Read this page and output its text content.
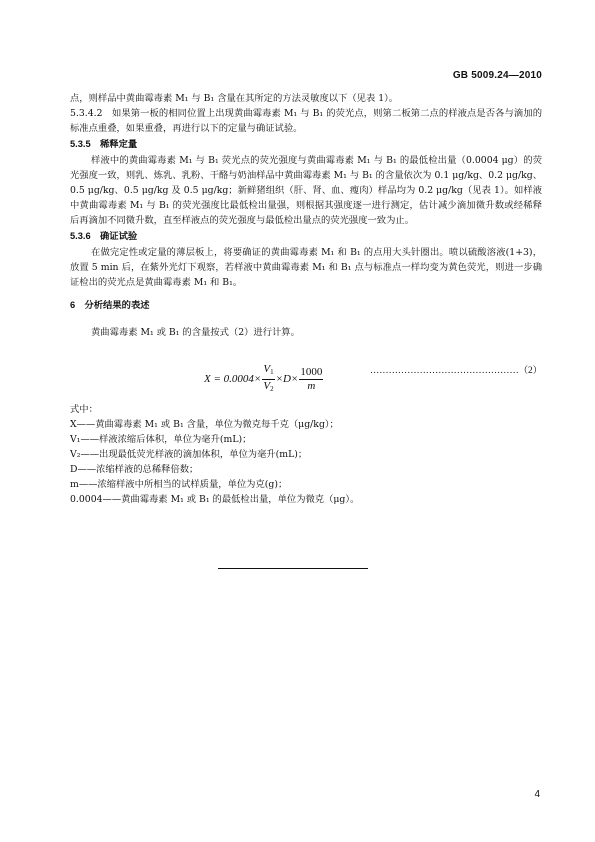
GB 5009.24—2010

点，则样品中黄曲霉毒素 M₁ 与 B₁ 含量在其所定的方法灵敏度以下（见表 1）。

5.3.4.2　如果第一板的相同位置上出现黄曲霉毒素 M₁ 与 B₁ 的荧光点，则第二板第二点的样液点是否各与滴加的标准点重叠，如果重叠，再进行以下的定量与确证试验。

5.3.5　稀释定量

样液中的黄曲霉毒素 M₁ 与 B₁ 荧光点的荧光强度与黄曲霉毒素 M₁ 与 B₁ 的最低检出量（0.0004 μg）的荧光强度一致，则乳、炼乳、乳粉、干酪与奶油样品中黄曲霉毒素 M₁ 与 B₁ 的含量依次为 0.1 μg/kg、0.2 μg/kg、0.5 μg/kg、0.5 μg/kg 及 0.5 μg/kg；新鲜猪组织（肝、肾、血、瘦肉）样品均为 0.2 μg/kg（见表 1）。如样液中黄曲霉毒素 M₁ 与 B₁ 的荧光强度比最低检出量强，则根据其强度逐一进行测定，估计减少滴加微升数或经稀释后再滴加不同微升数，直至样液点的荧光强度与最低检出量点的荧光强度一致为止。

5.3.6　确证试验

在做完定性或定量的薄层板上，将要确证的黄曲霉毒素 M₁ 和 B₁ 的点用大头针圈出。喷以硫酸溶液(1+3)，放置 5 min 后，在紫外光灯下观察，若样液中黄曲霉毒素 M₁ 和 B₁ 点与标准点一样均变为黄色荧光，则进一步确证检出的荧光点是黄曲霉毒素 M₁ 和 B₁。

6　分析结果的表述

黄曲霉毒素 M₁ 或 B₁ 的含量按式（2）进行计算。

$X = 0.0004\times \frac{V_1}{V_2} \times D\times \frac{1000}{m}$	…………………………………………（2）

式中：

X——黄曲霉毒素 M₁ 或 B₁ 含量，单位为微克每千克（μg/kg）；

V₁——样液浓缩后体积，单位为毫升(mL)；

V₂——出现最低荧光样液的滴加体积，单位为毫升(mL)；

D——浓缩样液的总稀释倍数；

m——浓缩样液中所相当的试样质量，单位为克(g)；

0.0004——黄曲霉毒素 M₁ 或 B₁ 的最低检出量，单位为微克（μg）。

4
